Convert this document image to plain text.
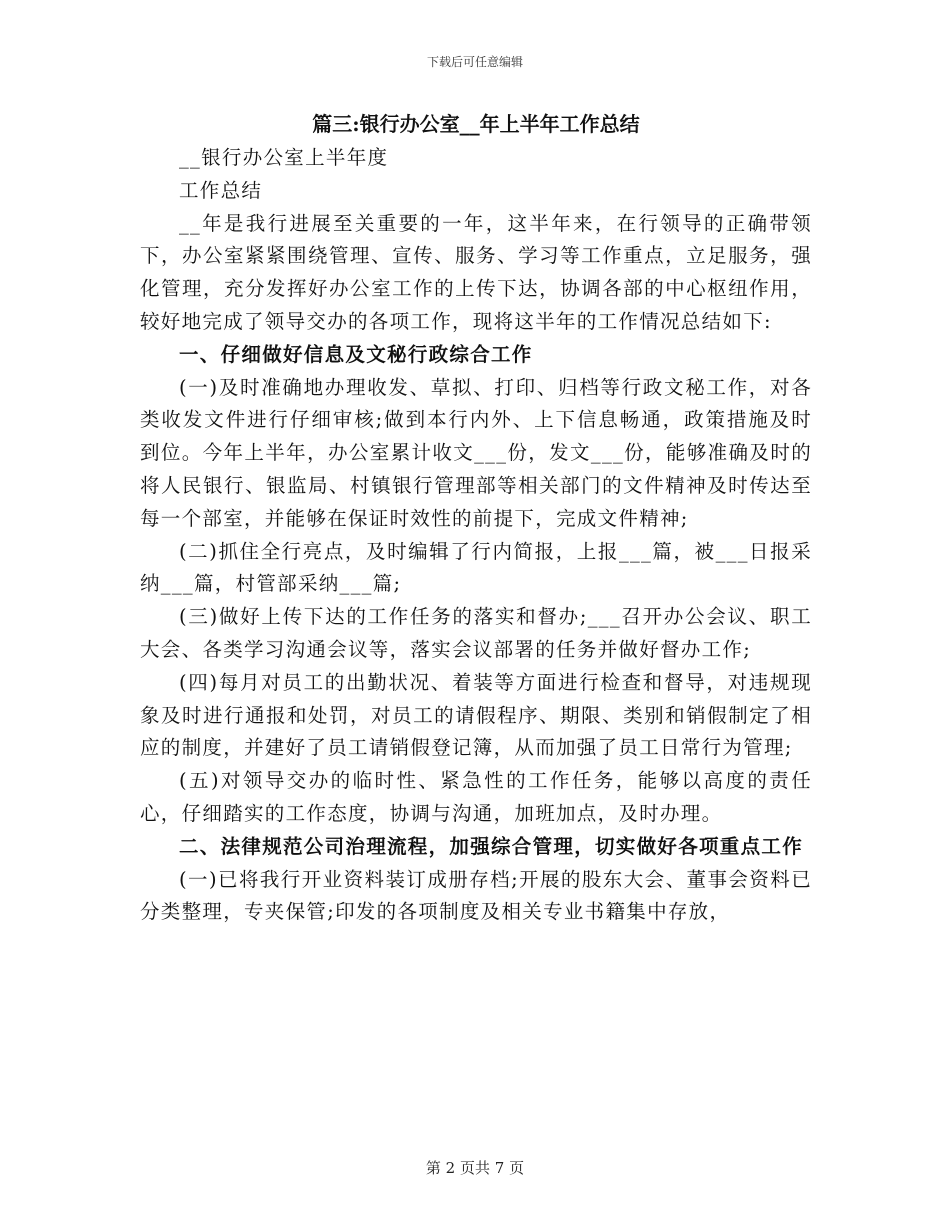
下载后可任意编辑
篇三:银行办公室__年上半年工作总结

__银行办公室上半年度

工作总结

__年是我行进展至关重要的一年，这半年来，在行领导的正确带领下，办公室紧紧围绕管理、宣传、服务、学习等工作重点，立足服务，强化管理，充分发挥好办公室工作的上传下达，协调各部的中心枢纽作用，较好地完成了领导交办的各项工作，现将这半年的工作情况总结如下:

一、仔细做好信息及文秘行政综合工作

(一)及时准确地办理收发、草拟、打印、归档等行政文秘工作，对各类收发文件进行仔细审核;做到本行内外、上下信息畅通，政策措施及时到位。今年上半年，办公室累计收文___份，发文___份，能够准确及时的将人民银行、银监局、村镇银行管理部等相关部门的文件精神及时传达至每一个部室，并能够在保证时效性的前提下，完成文件精神;

(二)抓住全行亮点，及时编辑了行内简报，上报___篇，被___日报采纳___篇，村管部采纳___篇;

(三)做好上传下达的工作任务的落实和督办;___召开办公会议、职工大会、各类学习沟通会议等，落实会议部署的任务并做好督办工作;

(四)每月对员工的出勤状况、着装等方面进行检查和督导，对违规现象及时进行通报和处罚，对员工的请假程序、期限、类别和销假制定了相应的制度，并建好了员工请销假登记簿，从而加强了员工日常行为管理;

(五)对领导交办的临时性、紧急性的工作任务，能够以高度的责任心，仔细踏实的工作态度，协调与沟通，加班加点，及时办理。

二、法律规范公司治理流程，加强综合管理，切实做好各项重点工作

(一)已将我行开业资料装订成册存档;开展的股东大会、董事会资料已分类整理，专夹保管;印发的各项制度及相关专业书籍集中存放，

第 2 页共 7 页
